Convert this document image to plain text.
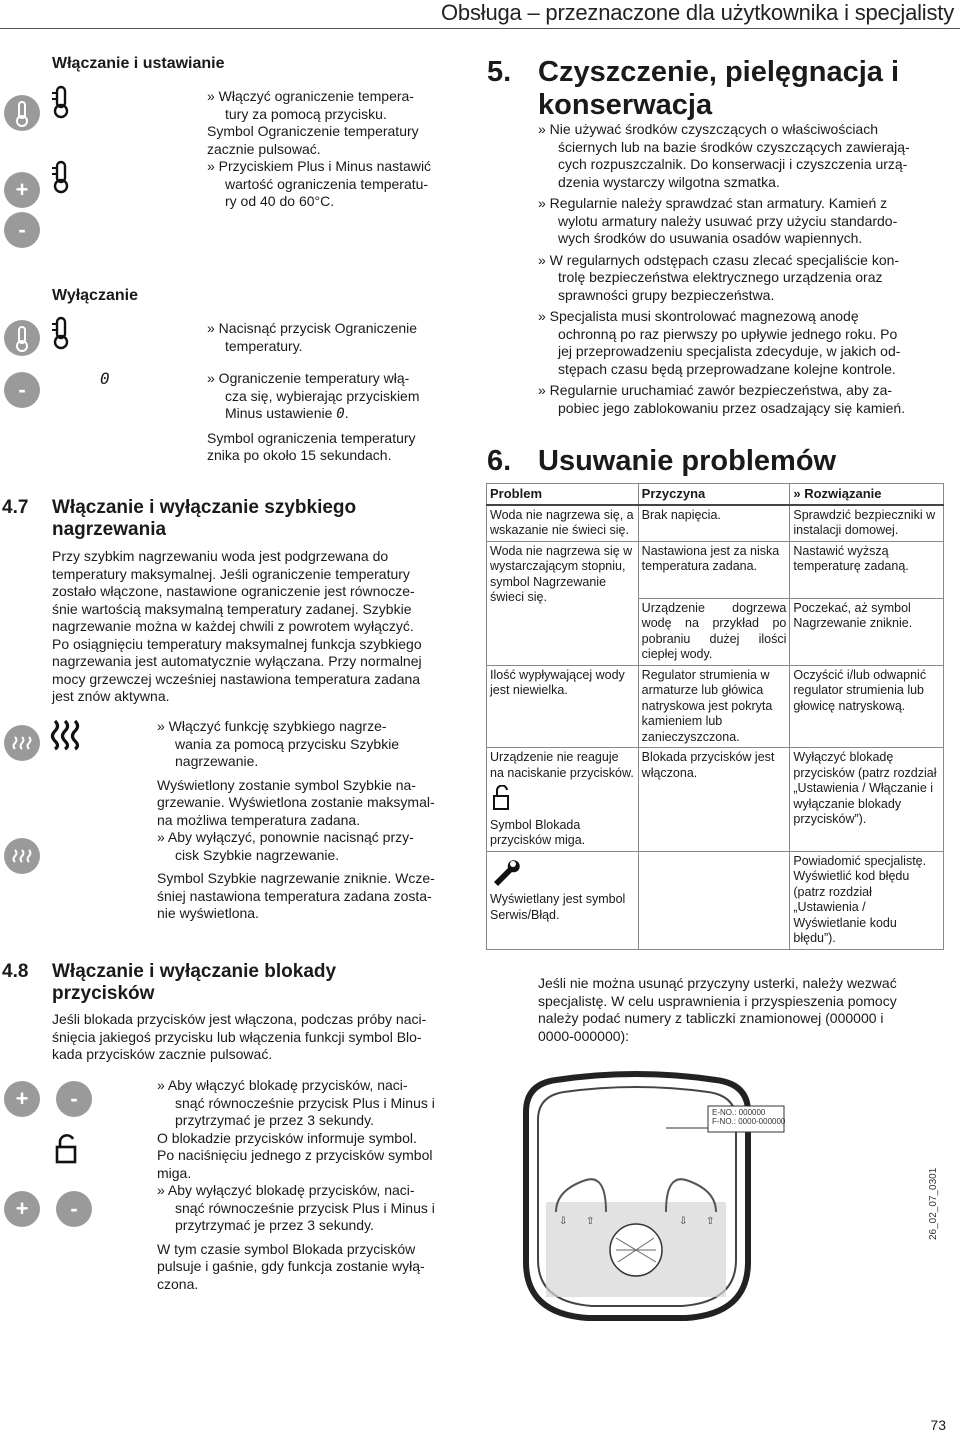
Obsługa – przeznaczone dla użytkownika i specjalisty
Włączanie i ustawianie
+
-

» Włączyć ograniczenie tempera-

tury za pomocą przycisku.

Symbol Ograniczenie temperatury

zacznie pulsować.

» Przyciskiem Plus i Minus nastawić

wartość ograniczenia temperatu-

ry od 40 do 60°C.

Wyłączanie
-	0

» Nacisnąć przycisk Ograniczenie

temperatury.

» Ograniczenie temperatury włą-

cza się, wybierając przyciskiem

Minus ustawienie 0.

Symbol ograniczenia temperatury

znika po około 15 sekundach.

4.7 Włączanie i wyłączanie szybkiego
nagrzewania

Przy szybkim nagrzewaniu woda jest podgrzewana do

temperatury maksymalnej. Jeśli ograniczenie temperatury

zostało włączone, nastawione ograniczenie jest równocze-

śnie wartością maksymalną temperatury zadanej. Szybkie

nagrzewanie można w każdej chwili z powrotem wyłączyć.

Po osiągnięciu temperatury maksymalnej funkcja szybkiego

nagrzewania jest automatycznie wyłączana. Przy normalnej

mocy grzewczej wcześniej nastawiona temperatura zadana

jest znów aktywna.

» Włączyć funkcję szybkiego nagrze-

wania za pomocą przycisku Szybkie

nagrzewanie.

Wyświetlony zostanie symbol Szybkie na-

grzewanie. Wyświetlona zostanie maksymal-

na możliwa temperatura zadana.

» Aby wyłączyć, ponownie nacisnąć przy-

cisk Szybkie nagrzewanie.

Symbol Szybkie nagrzewanie zniknie. Wcze-

śniej nastawiona temperatura zadana zosta-

nie wyświetlona.

4.8 Włączanie i wyłączanie blokady
przycisków

Jeśli blokada przycisków jest włączona, podczas próby naci-

śnięcia jakiegoś przycisku lub włączenia funkcji symbol Blo-

kada przycisków zacznie pulsować.

+	-
+	-

» Aby włączyć blokadę przycisków, naci-

snąć równocześnie przycisk Plus i Minus i

przytrzymać je przez 3 sekundy.

O blokadzie przycisków informuje symbol.

Po naciśnięciu jednego z przycisków symbol

miga.

» Aby wyłączyć blokadę przycisków, naci-

snąć równocześnie przycisk Plus i Minus i

przytrzymać je przez 3 sekundy.

W tym czasie symbol Blokada przycisków

pulsuje i gaśnie, gdy funkcja zostanie wyłą-

czona.

5. Czyszczenie, pielęgnacja i
konserwacja

» Nie używać środków czyszczących o właściwościach

ściernych lub na bazie środków czyszczących zawierają-

cych rozpuszczalnik. Do konserwacji i czyszczenia urzą-

dzenia wystarczy wilgotna szmatka.

» Regularnie należy sprawdzać stan armatury. Kamień z

wylotu armatury należy usuwać przy użyciu standardo-

wych środków do usuwania osadów wapiennych.

» W regularnych odstępach czasu zlecać specjaliście kon-

trolę bezpieczeństwa elektrycznego urządzenia oraz

sprawności grupy bezpieczeństwa.

» Specjalista musi skontrolować magnezową anodę

ochronną po raz pierwszy po upływie jednego roku. Po

jej przeprowadzeniu specjalista zdecyduje, w jakich od-

stępach czasu będą przeprowadzane kolejne kontrole.

» Regularnie uruchamiać zawór bezpieczeństwa, aby za-

pobiec jego zablokowaniu przez osadzający się kamień.

6. Usuwanie problemów
Problem	Przyczyna	» Rozwiązanie
Woda nie nagrzewa się, a wskazanie nie świeci się.	Brak napięcia.	Sprawdzić bezpieczniki w instalacji domowej.
Woda nie nagrzewa się w wystarczającym stopniu, symbol Nagrzewanie świeci się.	Nastawiona jest za niska temperatura zadana.	Nastawić wyższą temperaturę zadaną.
	Urządzenie dogrzewa wodę na przykład po pobraniu dużej ilości ciepłej wody.	Poczekać, aż symbol Nagrzewanie zniknie.
Ilość wypływającej wody jest niewielka.	Regulator strumienia w armaturze lub główica natryskowa jest pokryta kamieniem lub zanieczyszczona.	Oczyścić i/lub odwapnić regulator strumienia lub głowicę natryskową.

Urządzenie nie reaguje na naciskanie przycisków.
Symbol Blokada przycisków miga.	Blokada przycisków jest włączona.	Wyłączyć blokadę przycisków (patrz rozdział „Ustawienia / Włączanie i wyłączanie blokady przycisków”).

Wyświetlany jest symbol Serwis/Błąd.		Powiadomić specjalistę. Wyświetlić kod błędu (patrz rozdział „Ustawienia / Wyświetlanie kodu błędu”).

Jeśli nie można usunąć przyczyny usterki, należy wezwać

specjalistę. W celu usprawnienia i przyspieszenia pomocy

należy podać numery z tabliczki znamionowej (000000 i

0000-000000):

⇩ ⇧	⇩ ⇧
E-NO.: 000000
F-NO.: 0000-000000
26_02_07_0301
73
